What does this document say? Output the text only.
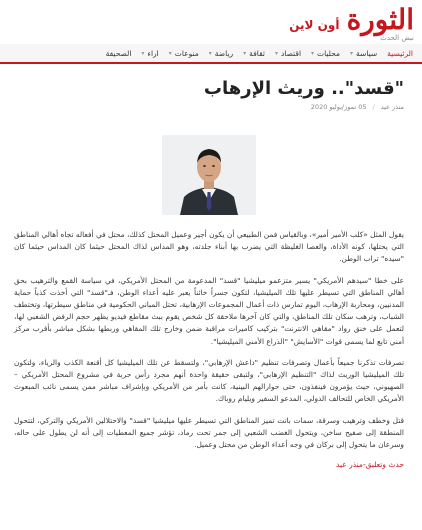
أون لاين الثورة
نبض الحدث
الرئيسية
سياسة
▾
محليات
▾
اقتصاد
▾
ثقافة
▾
رياضة
▾
منوعات
▾
اراء
▾
الصحيفة
"قسد".. وريث الإرهاب
منذر عيد
/
05 تموز/يوليو 2020

يقول المثل «كلب الأمير أمير»، وبالقياس فمن الطبيعي أن يكون أجير وعميل المحتل كذلك، محتل في أفعاله تجاه أهالي المناطق التي يحتلها، كونه الأداة، والعصا الغليظة التي يضرب بها أبناء جلدته، وهو المداس لذاك المحتل حيثما كان المداس حيثما كان "سيده" تراب الوطن.

على خطا "سيدهم الأمريكي" يسير متزعمو ميليشيا "قسد" المدعومة من المحتل الأمريكي، في سياسة القمع والترهيب بحق أهالي المناطق التي تسيطر عليها تلك الميليشيا، لتكون جسراً خائناً يعبر عليه أعداء الوطن، فـ"قسد" التي أخذت كذباً حماية المدنيين، ومحاربة الإرهاب، اليوم تمارس ذات أعمال المجموعات الإرهابية، تحتل المباني الحكومية في مناطق سيطرتها، وتختطف الشباب، وترهب سكان تلك المناطق، والتي كان آخرها ملاحقة كل شخص يقوم ببث مقاطع فيديو يظهر حجم الرفض الشعبي لها، لتعمل على خنق رواد "مقاهي الانترنت" بتركيب كاميرات مراقبة ضمن وخارج تلك المقاهي وربطها بشكل مباشر بأقرب مركز أمني تابع لما يسمى قوات "الأسايش" "الذراع الأمني الميليشيا".

تصرفات تذكرنا جميعاً بأعمال وتصرفات تنظيم "داعش الإرهابي"، ولتسقط عن تلك الميليشيا كل أقنعة الكذب والرياء، ولتكون تلك الميليشيا الوريث لذاك "التنظيم الإرهابي"، ولتبقى حقيقة واحدة أنهم مجرد رأس حربة في مشروع المحتل الأمريكي – الصهيوني، حيث يؤمرون فينفذون، حتى حوارالهم البينية، كانت بأمر من الأمريكي وبإشراف مباشر ممن يسمى نائب المبعوث الأمريكي الخاص للتحالف الدولي، المدعو السفير ويليام روباك.

قتل وخطف وترهيب وسرقة، سمات باتت تميز المناطق التي تسيطر عليها ميليشيا "قسد" والاحتلالين الأمريكي والتركي، لتتحول المنطقة إلى صفيح ساخن، ويتحول الغضب الشعبي إلى جمر تحت رماد، تؤشر جميع المعطيات إلى أنه لن يطول على حاله، وسرعان ما يتحول إلى بركان في وجه أعداء الوطن من محتل وعميل.

حدث وتعليق-منذر عيد
